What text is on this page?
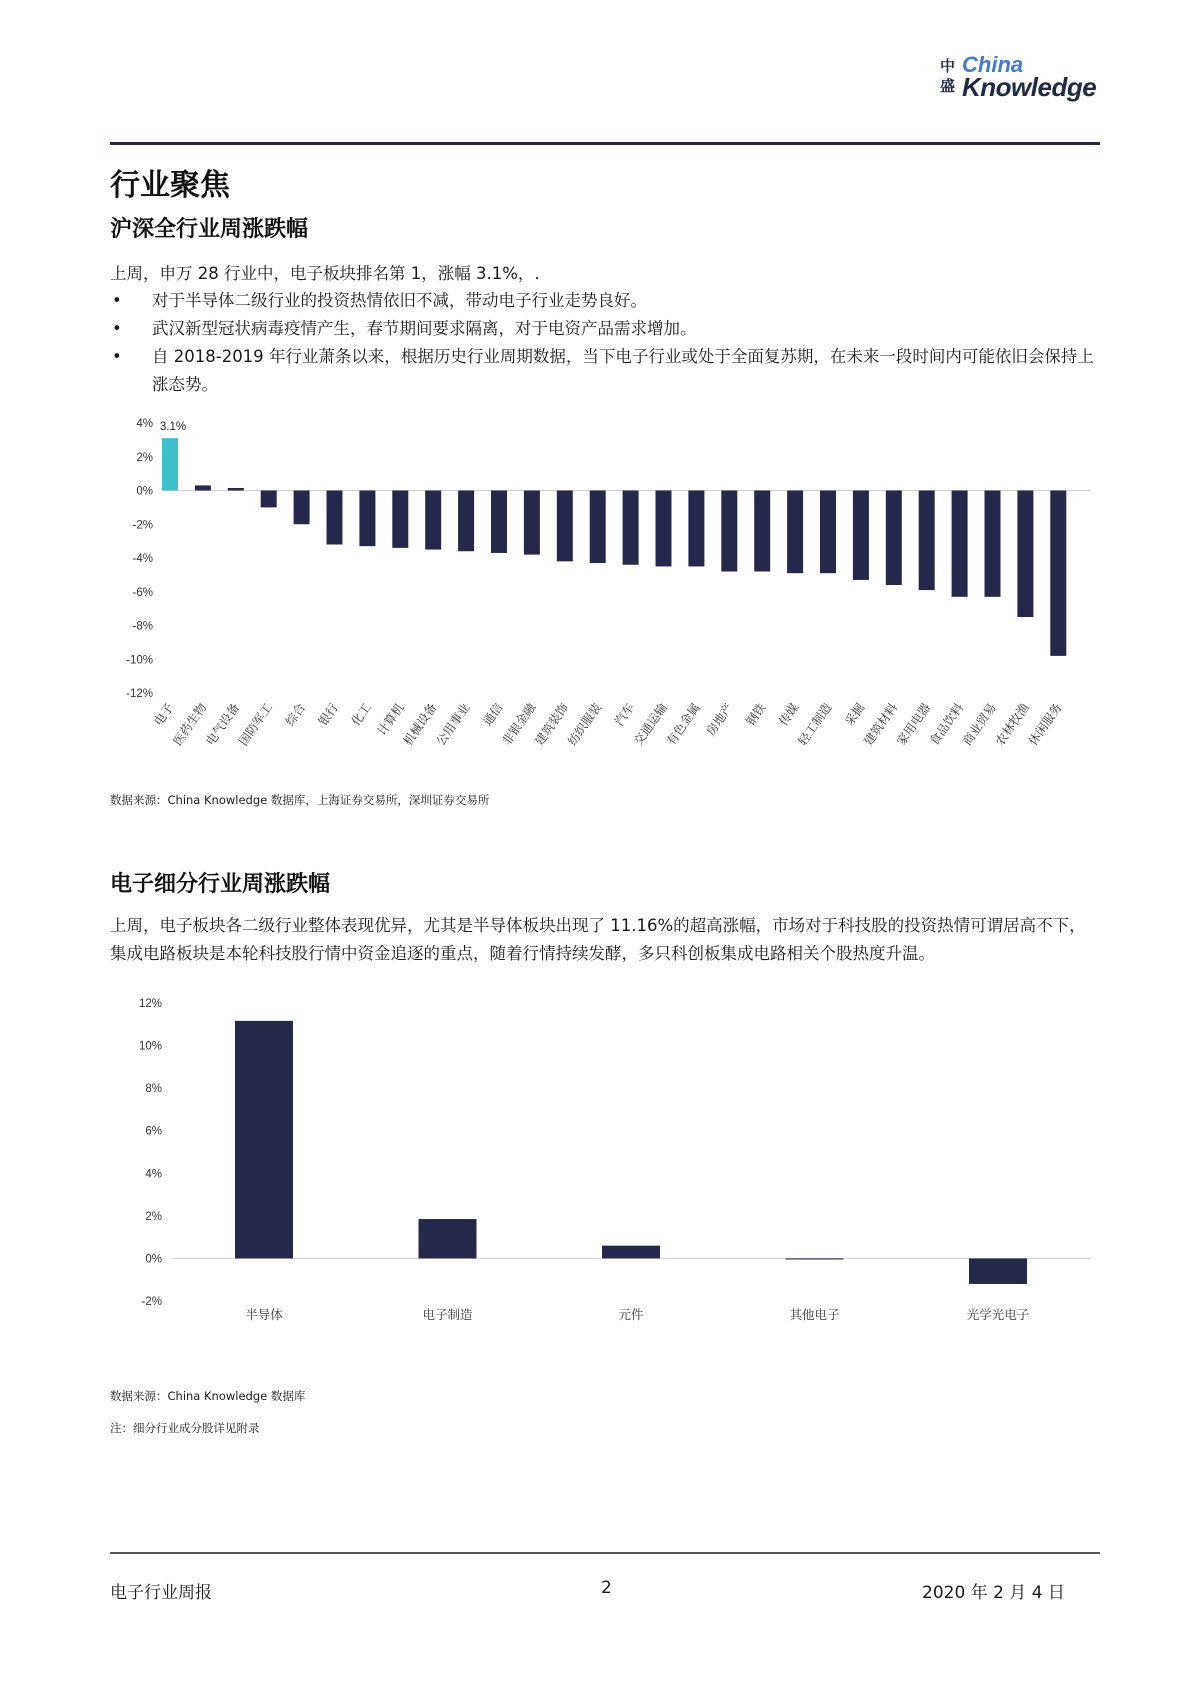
中
盛
China
Knowledge
行业聚焦
沪深全行业周涨跌幅
上周，申万 28 行业中，电子板块排名第 1，涨幅 3.1%，.
• 对于半导体二级行业的投资热情依旧不减，带动电子行业走势良好。
• 武汉新型冠状病毒疫情产生，春节期间要求隔离，对于电资产品需求增加。
• 自 2018-2019 年行业萧条以来，根据历史行业周期数据，当下电子行业或处于全面复苏期，在未来一段时间内可能依旧会保持上涨态势。
4%
2%
0%
-2%
-4%
-6%
-8%
-10%
-12%
电子
医药生物
电气设备
国防军工 综合 银行 化工 计算机
机械设备
公用事业 通信
非银金融
建筑装饰
纺织服装 汽车
交通运输
有色金属 房地产 钢铁 传媒
轻工制造 采掘
建筑材料
家用电器
食品饮料
商业贸易
农林牧渔
休闲服务
3.1%
数据来源：China Knowledge 数据库，上海证券交易所，深圳证券交易所
电子细分行业周涨跌幅
上周，电子板块各二级行业整体表现优异，尤其是半导体板块出现了 11.16%的超高涨幅，市场对于科技股的投资热情可谓居高不下，集成电路板块是本轮科技股行情中资金追逐的重点，随着行情持续发酵，多只科创板集成电路相关个股热度升温。
12%
10%
8%
6%
4%
2%
0%
-2%
半导体	电子制造	元件	其他电子	光学光电子
数据来源：China Knowledge 数据库
注：细分行业成分股详见附录
电子行业周报	2	2020 年 2 月 4 日
